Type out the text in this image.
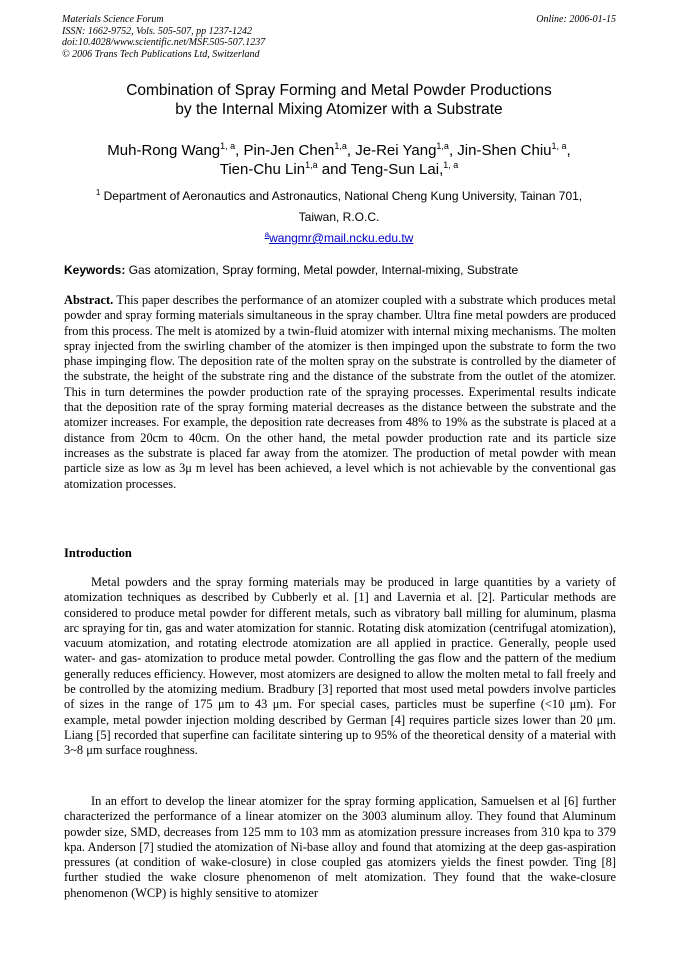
Materials Science Forum
ISSN: 1662-9752, Vols. 505-507, pp 1237-1242
doi:10.4028/www.scientific.net/MSF.505-507.1237
© 2006 Trans Tech Publications Ltd, Switzerland
Online: 2006-01-15
Combination of Spray Forming and Metal Powder Productions
by the Internal Mixing Atomizer with a Substrate
Muh-Rong Wang$^{1, a}$, Pin-Jen Chen$^{1,a}$, Je-Rei Yang$^{1,a}$, Jin-Shen Chiu$^{1, a}$,
Tien-Chu Lin$^{1,a}$ and Teng-Sun Lai,$^{1, a}$
$^1$ Department of Aeronautics and Astronautics, National Cheng Kung University, Tainan 701,
Taiwan, R.O.C.
$^a$wangmr@mail.ncku.edu.tw
Keywords: Gas atomization, Spray forming, Metal powder, Internal-mixing, Substrate
Abstract. This paper describes the performance of an atomizer coupled with a substrate which produces metal powder and spray forming materials simultaneous in the spray chamber. Ultra fine metal powders are produced from this process. The melt is atomized by a twin-fluid atomizer with internal mixing mechanisms. The molten spray injected from the swirling chamber of the atomizer is then impinged upon the substrate to form the two phase impinging flow. The deposition rate of the molten spray on the substrate is controlled by the diameter of the substrate, the height of the substrate ring and the distance of the substrate from the outlet of the atomizer. This in turn determines the powder production rate of the spraying processes. Experimental results indicate that the deposition rate of the spray forming material decreases as the distance between the substrate and the atomizer increases. For example, the deposition rate decreases from 48% to 19% as the substrate is placed at a distance from 20cm to 40cm. On the other hand, the metal powder production rate and its particle size increases as the substrate is placed far away from the atomizer. The production of metal powder with mean particle size as low as 3μ m level has been achieved, a level which is not achievable by the conventional gas atomization processes.
Introduction

Metal powders and the spray forming materials may be produced in large quantities by a variety of atomization techniques as described by Cubberly et al. [1] and Lavernia et al. [2]. Particular methods are considered to produce metal powder for different metals, such as vibratory ball milling for aluminum, plasma arc spraying for tin, gas and water atomization for stannic. Rotating disk atomization (centrifugal atomization), vacuum atomization, and rotating electrode atomization are all applied in practice. Generally, people used water- and gas- atomization to produce metal powder. Controlling the gas flow and the pattern of the medium generally reduces efficiency. However, most atomizers are designed to allow the molten metal to fall freely and be controlled by the atomizing medium. Bradbury [3] reported that most used metal powders involve particles of sizes in the range of 175 μm to 43 μm. For special cases, particles must be superfine (<10 μm). For example, metal powder injection molding described by German [4] requires particle sizes lower than 20 μm. Liang [5] recorded that superfine can facilitate sintering up to 95% of the theoretical density of a material with 3~8 μm surface roughness.

In an effort to develop the linear atomizer for the spray forming application, Samuelsen et al [6] further characterized the performance of a linear atomizer on the 3003 aluminum alloy. They found that Aluminum powder size, SMD, decreases from 125 mm to 103 mm as atomization pressure increases from 310 kpa to 379 kpa. Anderson [7] studied the atomization of Ni-base alloy and found that atomizing at the deep gas-aspiration pressures (at condition of wake-closure) in close coupled gas atomizers yields the finest powder. Ting [8] further studied the wake closure phenomenon of melt atomization. They found that the wake-closure phenomenon (WCP) is highly sensitive to atomizer
